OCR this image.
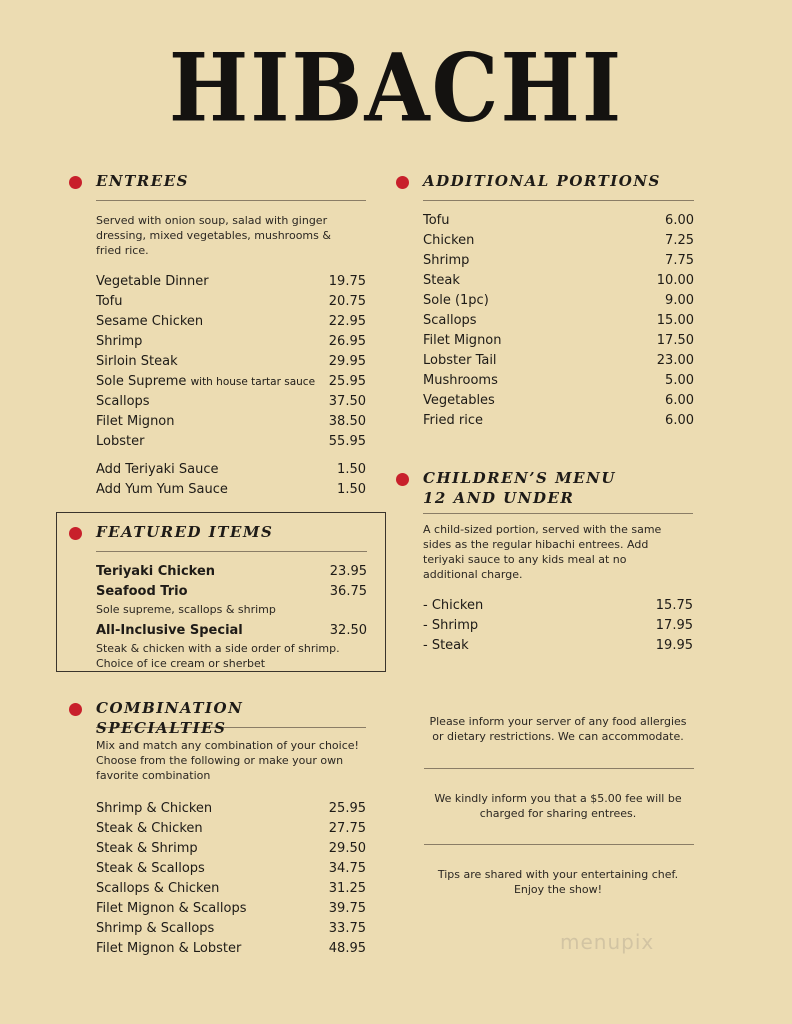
HIBACHI
ENTREES
Served with onion soup, salad with ginger dressing, mixed vegetables, mushrooms & fried rice.
Vegetable Dinner	19.75
Tofu	20.75
Sesame Chicken	22.95
Shrimp	26.95
Sirloin Steak	29.95
Sole Supreme with house tartar sauce 25.95
Scallops	37.50
Filet Mignon	38.50
Lobster	55.95
Add Teriyaki Sauce	1.50
Add Yum Yum Sauce	1.50
FEATURED ITEMS
Teriyaki Chicken	23.95
Seafood Trio	36.75
Sole supreme, scallops & shrimp
All-Inclusive Special	32.50
Steak & chicken with a side order of shrimp. Choice of ice cream or sherbet
COMBINATION SPECIALTIES
Mix and match any combination of your choice! Choose from the following or make your own favorite combination
Shrimp & Chicken	25.95
Steak & Chicken	27.75
Steak & Shrimp	29.50
Steak & Scallops	34.75
Scallops & Chicken	31.25
Filet Mignon & Scallops	39.75
Shrimp & Scallops	33.75
Filet Mignon & Lobster	48.95
ADDITIONAL PORTIONS
Tofu	6.00
Chicken	7.25
Shrimp	7.75
Steak	10.00
Sole (1pc)	9.00
Scallops	15.00
Filet Mignon	17.50
Lobster Tail	23.00
Mushrooms	5.00
Vegetables	6.00
Fried rice	6.00
CHILDREN’S MENU
12 AND UNDER
A child-sized portion, served with the same sides as the regular hibachi entrees. Add teriyaki sauce to any kids meal at no additional charge.
- Chicken	15.75
- Shrimp	17.95
- Steak	19.95
Please inform your server of any food allergies or dietary restrictions. We can accommodate.
We kindly inform you that a $5.00 fee will be charged for sharing entrees.
Tips are shared with your entertaining chef. Enjoy the show!
menupix
